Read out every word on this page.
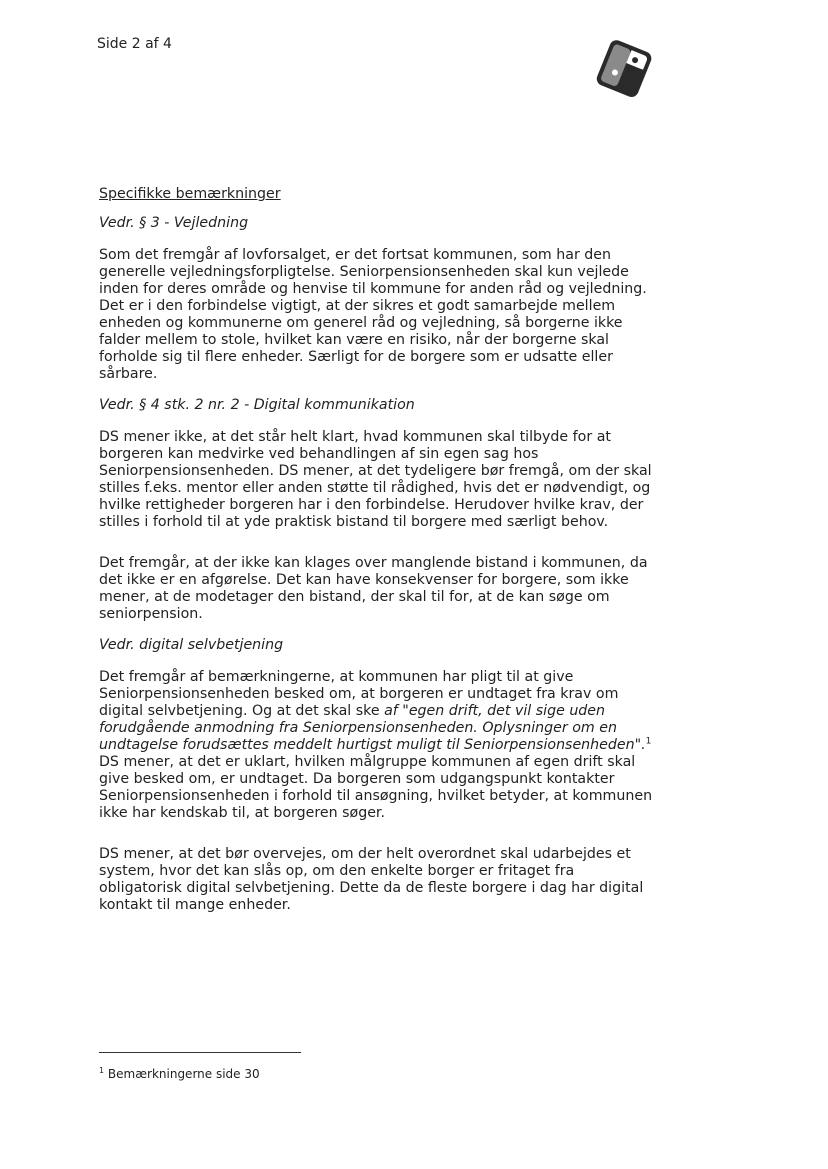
Side 2 af 4
Specifikke bemærkninger
Vedr. § 3 - Vejledning

Som det fremgår af lovforsalget, er det fortsat kommunen, som har den generelle vejledningsforpligtelse. Seniorpensionsenheden skal kun vejlede inden for deres område og henvise til kommune for anden råd og vejledning. Det er i den forbindelse vigtigt, at der sikres et godt samarbejde mellem enheden og kommunerne om generel råd og vejledning, så borgerne ikke falder mellem to stole, hvilket kan være en risiko, når der borgerne skal forholde sig til flere enheder. Særligt for de borgere som er udsatte eller sårbare.

Vedr. § 4 stk. 2 nr. 2 - Digital kommunikation

DS mener ikke, at det står helt klart, hvad kommunen skal tilbyde for at borgeren kan medvirke ved behandlingen af sin egen sag hos Seniorpensionsenheden. DS mener, at det tydeligere bør fremgå, om der skal stilles f.eks. mentor eller anden støtte til rådighed, hvis det er nødvendigt, og hvilke rettigheder borgeren har i den forbindelse. Herudover hvilke krav, der stilles i forhold til at yde praktisk bistand til borgere med særligt behov.

Det fremgår, at der ikke kan klages over manglende bistand i kommunen, da det ikke er en afgørelse. Det kan have konsekvenser for borgere, som ikke mener, at de modetager den bistand, der skal til for, at de kan søge om seniorpension.

Vedr. digital selvbetjening

Det fremgår af bemærkningerne, at kommunen har pligt til at give Seniorpensionsenheden besked om, at borgeren er undtaget fra krav om digital selvbetjening. Og at det skal ske af "egen drift, det vil sige uden forudgående anmodning fra Seniorpensionsenheden. Oplysninger om en undtagelse forudsættes meddelt hurtigst muligt til Seniorpensionsenheden".$^1$ DS mener, at det er uklart, hvilken målgruppe kommunen af egen drift skal give besked om, er undtaget. Da borgeren som udgangspunkt kontakter Seniorpensionsenheden i forhold til ansøgning, hvilket betyder, at kommunen ikke har kendskab til, at borgeren søger.

DS mener, at det bør overvejes, om der helt overordnet skal udarbejdes et system, hvor det kan slås op, om den enkelte borger er fritaget fra obligatorisk digital selvbetjening. Dette da de fleste borgere i dag har digital kontakt til mange enheder.

$^1$ Bemærkningerne side 30
